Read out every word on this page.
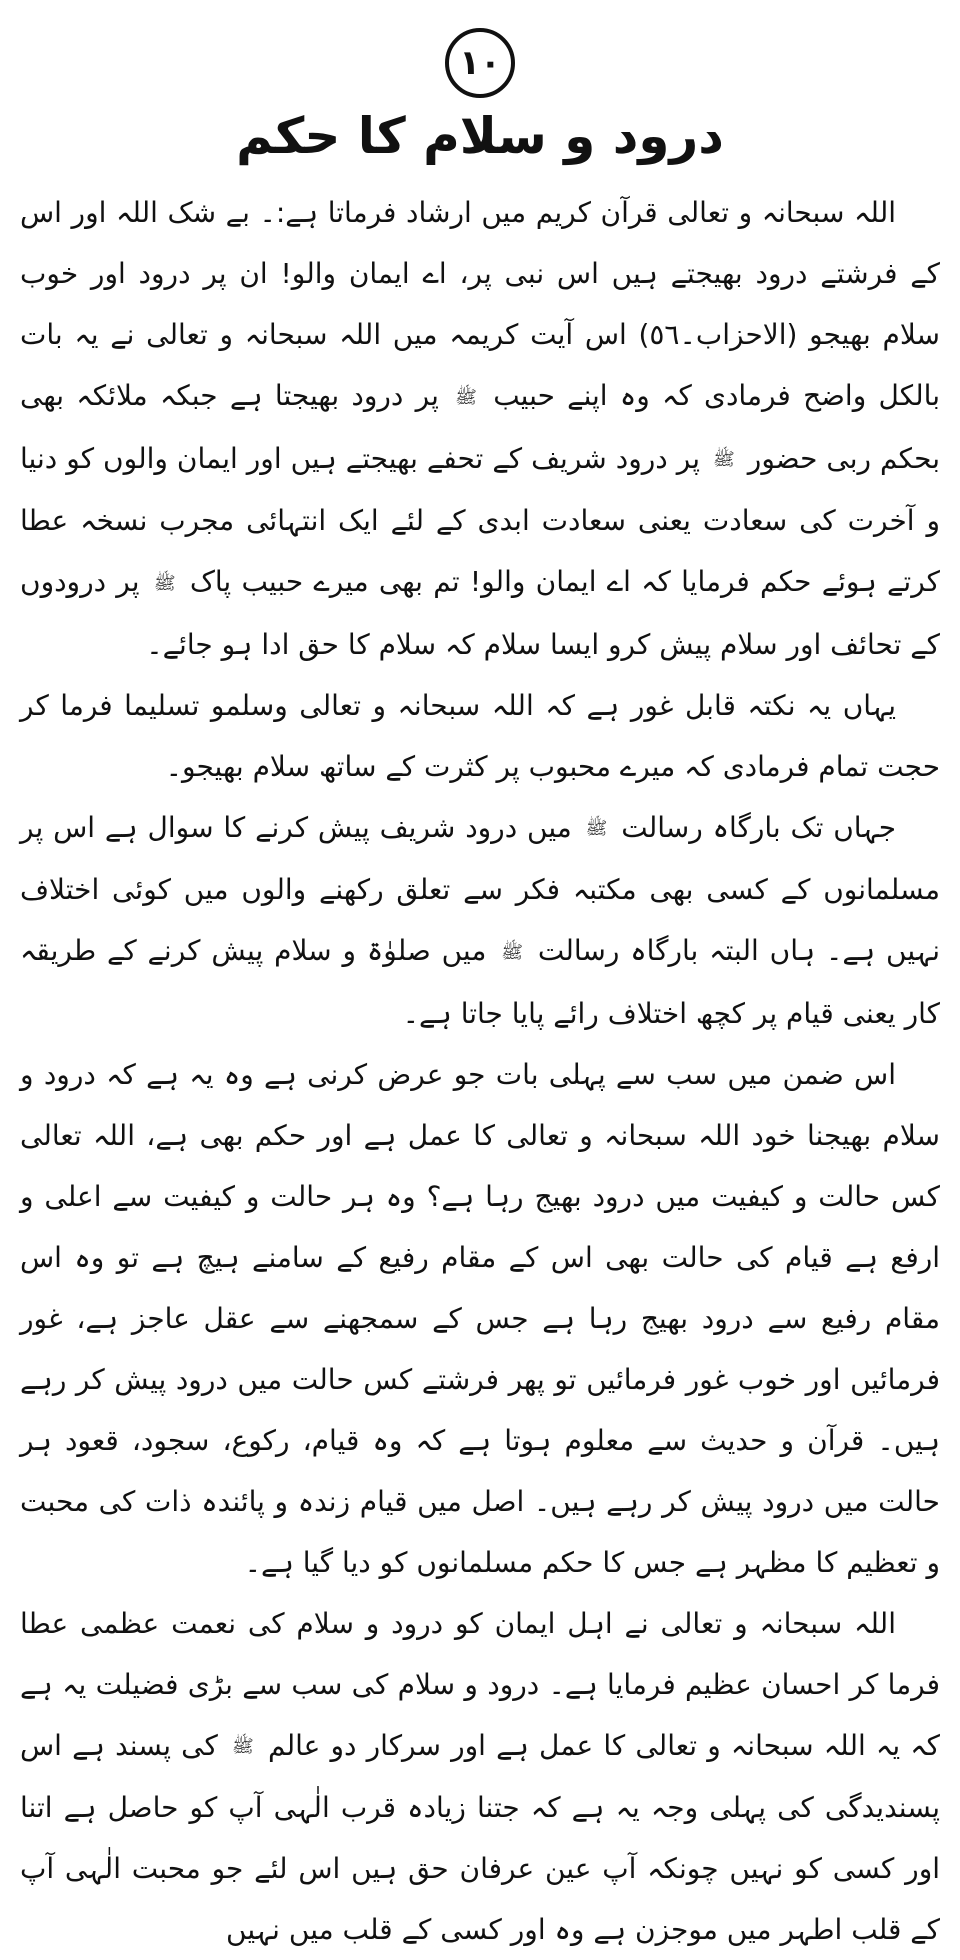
١٠
درود و سلام کا حکم

اللہ سبحانہ و تعالی قرآن کریم میں ارشاد فرماتا ہے:۔ بے شک اللہ اور اس کے فرشتے درود بھیجتے ہیں اس نبی پر، اے ایمان والو! ان پر درود اور خوب سلام بھیجو (الاحزاب۔٥٦) اس آیت کریمہ میں اللہ سبحانہ و تعالی نے یہ بات بالکل واضح فرمادی کہ وہ اپنے حبیب ﷺ پر درود بھیجتا ہے جبکہ ملائکہ بھی بحکم ربی حضور ﷺ پر درود شریف کے تحفے بھیجتے ہیں اور ایمان والوں کو دنیا و آخرت کی سعادت یعنی سعادت ابدی کے لئے ایک انتہائی مجرب نسخہ عطا کرتے ہوئے حکم فرمایا کہ اے ایمان والو! تم بھی میرے حبیب پاک ﷺ پر درودوں کے تحائف اور سلام پیش کرو ایسا سلام کہ سلام کا حق ادا ہو جائے۔

یہاں یہ نکتہ قابل غور ہے کہ اللہ سبحانہ و تعالی وسلمو تسلیما فرما کر حجت تمام فرمادی کہ میرے محبوب پر کثرت کے ساتھ سلام بھیجو۔

جہاں تک بارگاہ رسالت ﷺ میں درود شریف پیش کرنے کا سوال ہے اس پر مسلمانوں کے کسی بھی مکتبہ فکر سے تعلق رکھنے والوں میں کوئی اختلاف نہیں ہے۔ ہاں البتہ بارگاہ رسالت ﷺ میں صلوٰۃ و سلام پیش کرنے کے طریقہ کار یعنی قیام پر کچھ اختلاف رائے پایا جاتا ہے۔

اس ضمن میں سب سے پہلی بات جو عرض کرنی ہے وہ یہ ہے کہ درود و سلام بھیجنا خود اللہ سبحانہ و تعالی کا عمل ہے اور حکم بھی ہے، اللہ تعالی کس حالت و کیفیت میں درود بھیج رہا ہے؟ وہ ہر حالت و کیفیت سے اعلی و ارفع ہے قیام کی حالت بھی اس کے مقام رفیع کے سامنے ہیچ ہے تو وہ اس مقام رفیع سے درود بھیج رہا ہے جس کے سمجھنے سے عقل عاجز ہے، غور فرمائیں اور خوب غور فرمائیں تو پھر فرشتے کس حالت میں درود پیش کر رہے ہیں۔ قرآن و حدیث سے معلوم ہوتا ہے کہ وہ قیام، رکوع، سجود، قعود ہر حالت میں درود پیش کر رہے ہیں۔ اصل میں قیام زندہ و پائندہ ذات کی محبت و تعظیم کا مظہر ہے جس کا حکم مسلمانوں کو دیا گیا ہے۔

اللہ سبحانہ و تعالی نے اہل ایمان کو درود و سلام کی نعمت عظمی عطا فرما کر احسان عظیم فرمایا ہے۔ درود و سلام کی سب سے بڑی فضیلت یہ ہے کہ یہ اللہ سبحانہ و تعالی کا عمل ہے اور سرکار دو عالم ﷺ کی پسند ہے اس پسندیدگی کی پہلی وجہ یہ ہے کہ جتنا زیادہ قرب الٰہی آپ کو حاصل ہے اتنا اور کسی کو نہیں چونکہ آپ عین عرفان حق ہیں اس لئے جو محبت الٰہی آپ کے قلب اطہر میں موجزن ہے وہ اور کسی کے قلب میں نہیں
